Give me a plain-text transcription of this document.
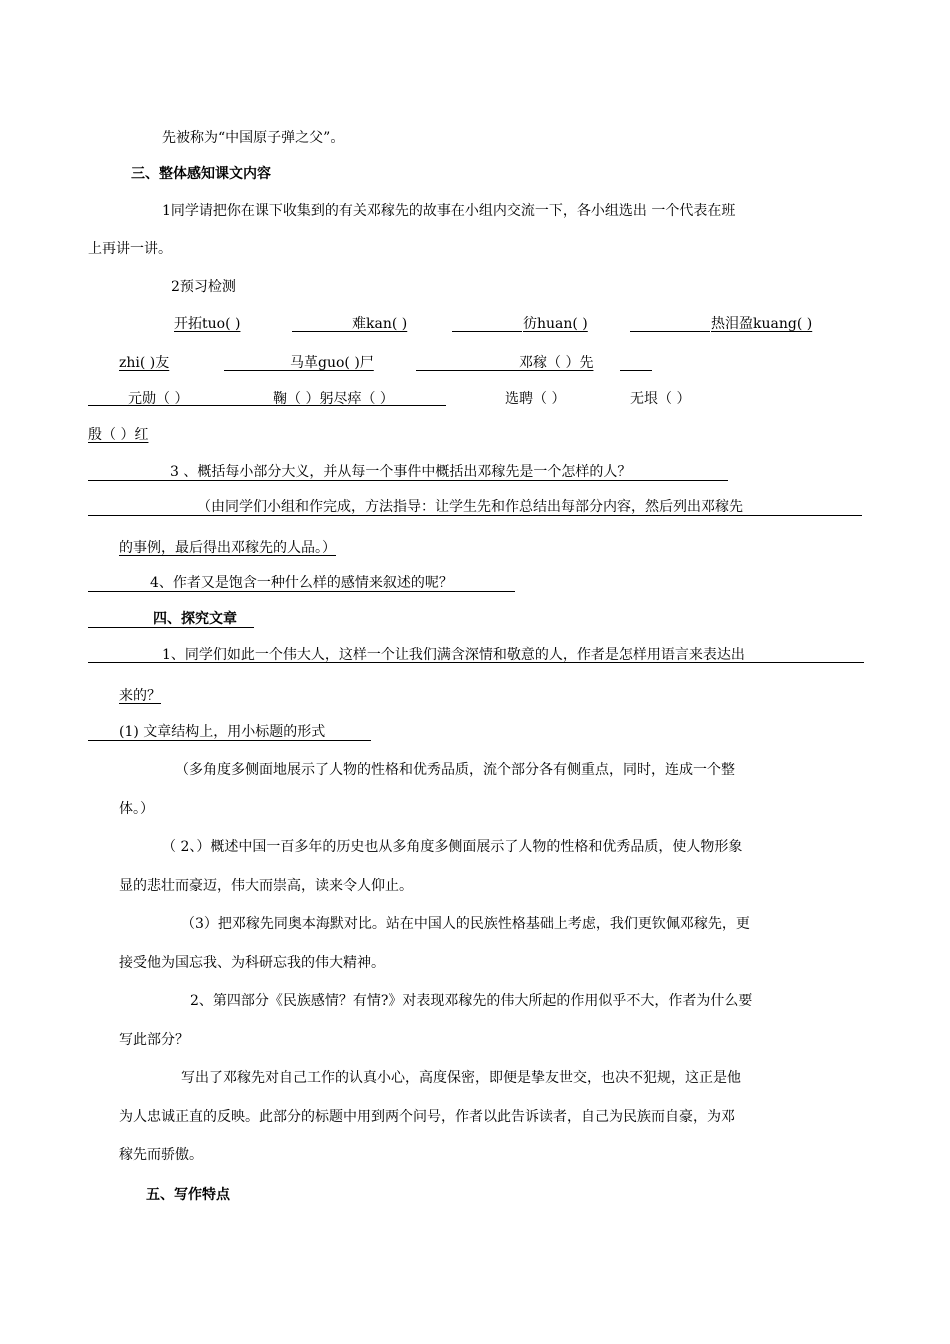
先被称为“中国原子弹之父”。
三、整体感知课文内容
1同学请把你在课下收集到的有关邓稼先的故事在小组内交流一下，各小组选出 一个代表在班
上再讲一讲。
2预习检测
开拓tuo( )	难kan( )	彷huan( )	热泪盈kuang( )
zhi( )友	马革guo( )尸	邓稼（ ）先
元勋（ ）	鞠（ ）躬尽瘁（ ）	选聘（ ）	无垠（ ）
殷（ ）红
3 、概括每小部分大义，并从每一个事件中概括出邓稼先是一个怎样的人？
（由同学们小组和作完成，方法指导：让学生先和作总结出每部分内容，然后列出邓稼先
的事例，最后得出邓稼先的人品。）
4、作者又是饱含一种什么样的感情来叙述的呢？
四、探究文章
1、同学们如此一个伟大人，这样一个让我们满含深情和敬意的人，作者是怎样用语言来表达出
来的？
(1) 文章结构上，用小标题的形式
（多角度多侧面地展示了人物的性格和优秀品质，流个部分各有侧重点，同时，连成一个整
体。）
（ 2、）概述中国一百多年的历史也从多角度多侧面展示了人物的性格和优秀品质，使人物形象
显的悲壮而豪迈，伟大而崇高，读来令人仰止。
（3）把邓稼先同奥本海默对比。站在中国人的民族性格基础上考虑，我们更钦佩邓稼先，更
接受他为国忘我、为科研忘我的伟大精神。
2、第四部分《民族感情？有情?》对表现邓稼先的伟大所起的作用似乎不大，作者为什么要
写此部分？
写出了邓稼先对自己工作的认真小心，高度保密，即便是挚友世交，也决不犯规，这正是他
为人忠诚正直的反映。此部分的标题中用到两个问号，作者以此告诉读者，自己为民族而自豪，为邓
稼先而骄傲。
五、写作特点
